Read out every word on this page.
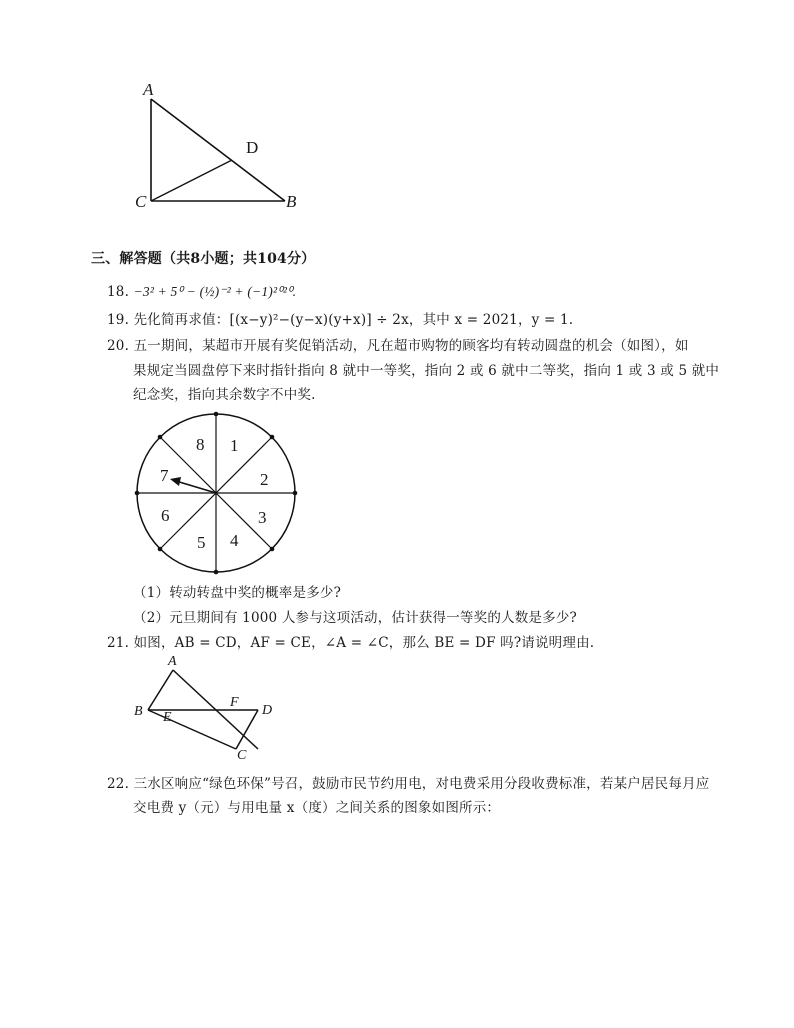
A
D
C	B
三、解答题（共8小题；共104分）
18. −3² + 5⁰ − (½)⁻² + (−1)²⁰²⁰.
19. 先化简再求值：[(x−y)²−(y−x)(y+x)] ÷ 2x，其中 x = 2021，y = 1.
20. 五一期间，某超市开展有奖促销活动，凡在超市购物的顾客均有转动圆盘的机会（如图），如
果规定当圆盘停下来时指针指向 8 就中一等奖，指向 2 或 6 就中二等奖，指向 1 或 3 或 5 就中
纪念奖，指向其余数字不中奖.
8 1
2
3
4
5
6
7
（1）转动转盘中奖的概率是多少?
（2）元旦期间有 1000 人参与这项活动，估计获得一等奖的人数是多少?
21. 如图，AB = CD，AF = CE，∠A = ∠C，那么 BE = DF 吗?请说明理由.
A
B E
F
D
C
22. 三水区响应“绿色环保”号召，鼓励市民节约用电，对电费采用分段收费标准，若某户居民每月应
交电费 y（元）与用电量 x（度）之间关系的图象如图所示：
